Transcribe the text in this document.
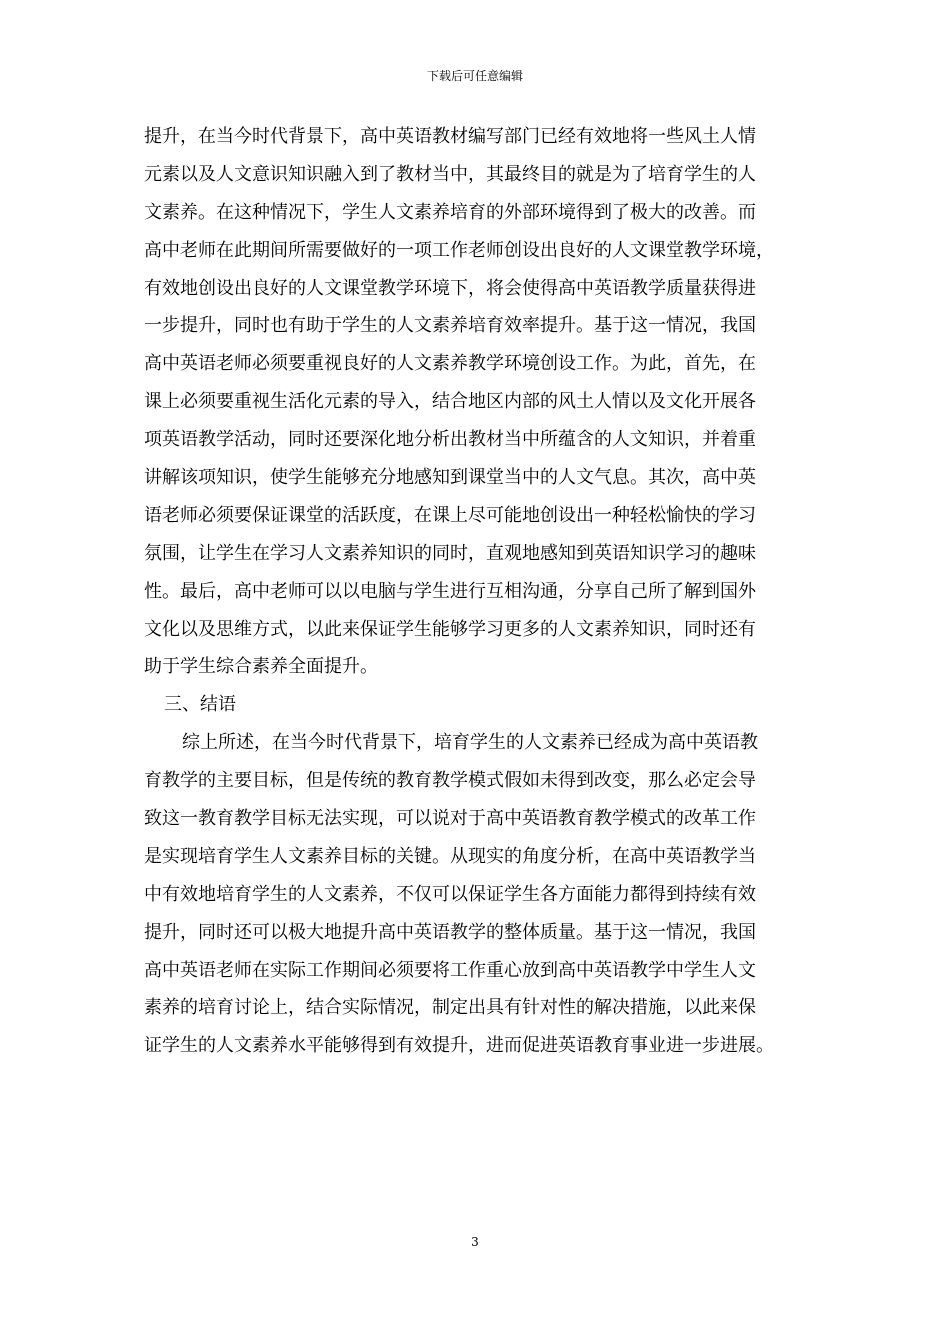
下载后可任意编辑
提升，在当今时代背景下，高中英语教材编写部门已经有效地将一些风土人情
元素以及人文意识知识融入到了教材当中，其最终目的就是为了培育学生的人
文素养。在这种情况下，学生人文素养培育的外部环境得到了极大的改善。而
高中老师在此期间所需要做好的一项工作老师创设出良好的人文课堂教学环境，
有效地创设出良好的人文课堂教学环境下，将会使得高中英语教学质量获得进
一步提升，同时也有助于学生的人文素养培育效率提升。基于这一情况，我国
高中英语老师必须要重视良好的人文素养教学环境创设工作。为此，首先，在
课上必须要重视生活化元素的导入，结合地区内部的风土人情以及文化开展各
项英语教学活动，同时还要深化地分析出教材当中所蕴含的人文知识，并着重
讲解该项知识，使学生能够充分地感知到课堂当中的人文气息。其次，高中英
语老师必须要保证课堂的活跃度，在课上尽可能地创设出一种轻松愉快的学习
氛围，让学生在学习人文素养知识的同时，直观地感知到英语知识学习的趣味
性。最后，高中老师可以以电脑与学生进行互相沟通，分享自己所了解到国外
文化以及思维方式，以此来保证学生能够学习更多的人文素养知识，同时还有
助于学生综合素养全面提升。
三、结语
综上所述，在当今时代背景下，培育学生的人文素养已经成为高中英语教
育教学的主要目标，但是传统的教育教学模式假如未得到改变，那么必定会导
致这一教育教学目标无法实现，可以说对于高中英语教育教学模式的改革工作
是实现培育学生人文素养目标的关键。从现实的角度分析，在高中英语教学当
中有效地培育学生的人文素养，不仅可以保证学生各方面能力都得到持续有效
提升，同时还可以极大地提升高中英语教学的整体质量。基于这一情况，我国
高中英语老师在实际工作期间必须要将工作重心放到高中英语教学中学生人文
素养的培育讨论上，结合实际情况，制定出具有针对性的解决措施，以此来保
证学生的人文素养水平能够得到有效提升，进而促进英语教育事业进一步进展。
3
